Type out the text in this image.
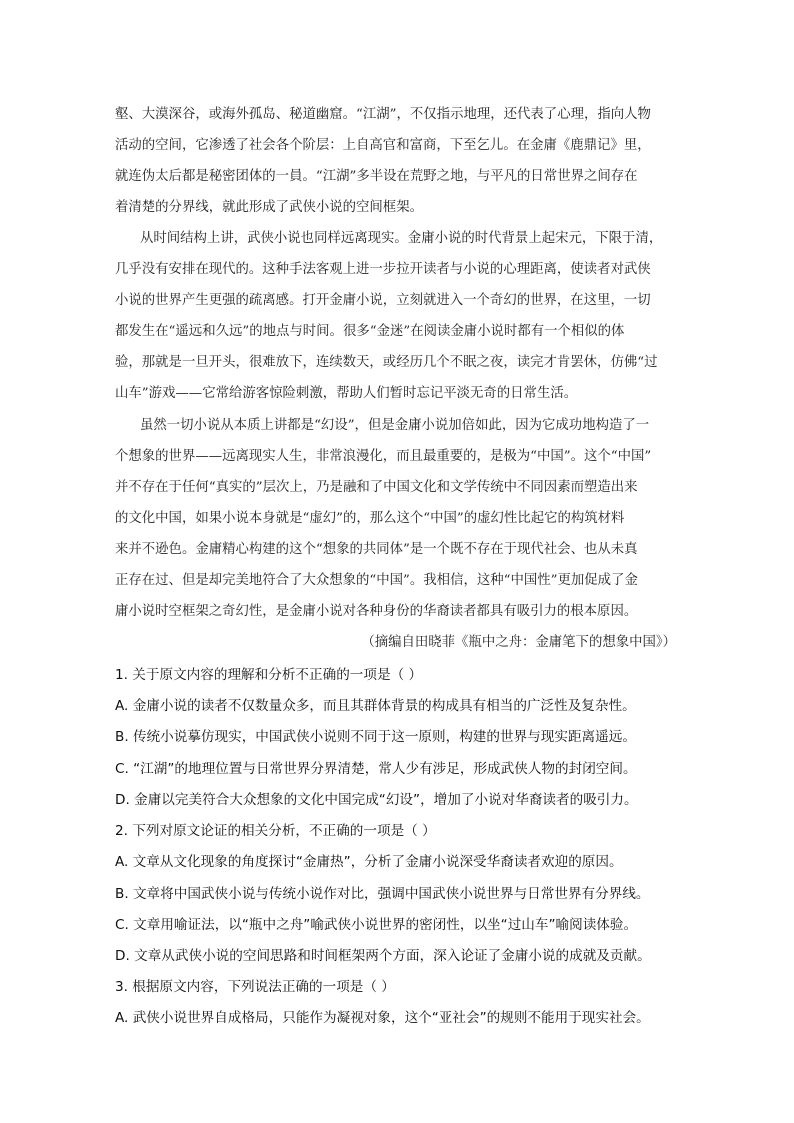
壑、大漠深谷，或海外孤岛、秘道幽窟。“江湖”，不仅指示地理，还代表了心理，指向人物
活动的空间，它渗透了社会各个阶层：上自高官和富商，下至乞儿。在金庸《鹿鼎记》里，
就连伪太后都是秘密团体的一員。“江湖”多半设在荒野之地，与平凡的日常世界之间存在
着清楚的分界线，就此形成了武侠小说的空间框架。
从时间结构上讲，武侠小说也同样远离现实。金庸小说的时代背景上起宋元，下限于清，
几乎没有安排在现代的。这种手法客观上进一步拉开读者与小说的心理距离，使读者对武侠
小说的世界产生更强的疏离感。打开金庸小说，立刻就进入一个奇幻的世界，在这里，一切
都发生在“遥远和久远”的地点与时间。很多“金迷”在阅读金庸小说时都有一个相似的体
验，那就是一旦开头，很难放下，连续数天，或经历几个不眠之夜，读完才肯罢休，仿佛“过
山车”游戏——它常给游客惊险刺激，帮助人们暂时忘记平淡无奇的日常生活。
虽然一切小说从本质上讲都是“幻设”，但是金庸小说加倍如此，因为它成功地构造了一
个想象的世界——远离现实人生，非常浪漫化，而且最重要的，是极为“中国”。这个“中国”
并不存在于任何“真实的”层次上，乃是融和了中国文化和文学传统中不同因素而塑造出来
的文化中国，如果小说本身就是“虚幻”的，那么这个“中国”的虚幻性比起它的构筑材料
来并不逊色。金庸精心构建的这个“想象的共同体”是一个既不存在于现代社会、也从未真
正存在过、但是却完美地符合了大众想象的“中国”。我相信，这种“中国性”更加促成了金
庸小说时空框架之奇幻性，是金庸小说对各种身份的华裔读者都具有吸引力的根本原因。
（摘编自田晓菲《瓶中之舟：金庸笔下的想象中国》）
1. 关于原文内容的理解和分析不正确的一项是（ ）
A. 金庸小说的读者不仅数量众多，而且其群体背景的构成具有相当的广泛性及复杂性。
B. 传统小说摹仿现实，中国武侠小说则不同于这一原则，构建的世界与现实距离遥远。
C. “江湖”的地理位置与日常世界分界清楚，常人少有涉足，形成武侠人物的封闭空间。
D. 金庸以完美符合大众想象的文化中国完成“幻设”，增加了小说对华裔读者的吸引力。
2. 下列对原文论证的相关分析，不正确的一项是（ ）
A. 文章从文化现象的角度探讨“金庸热”，分析了金庸小说深受华裔读者欢迎的原因。
B. 文章将中国武侠小说与传统小说作对比，强调中国武侠小说世界与日常世界有分界线。
C. 文章用喻证法，以“瓶中之舟”喻武侠小说世界的密闭性，以坐“过山车”喻阅读体验。
D. 文章从武侠小说的空间思路和时间框架两个方面，深入论证了金庸小说的成就及贡献。
3. 根据原文内容，下列说法正确的一项是（ ）
A. 武侠小说世界自成格局，只能作为凝视对象，这个“亚社会”的规则不能用于现实社会。
